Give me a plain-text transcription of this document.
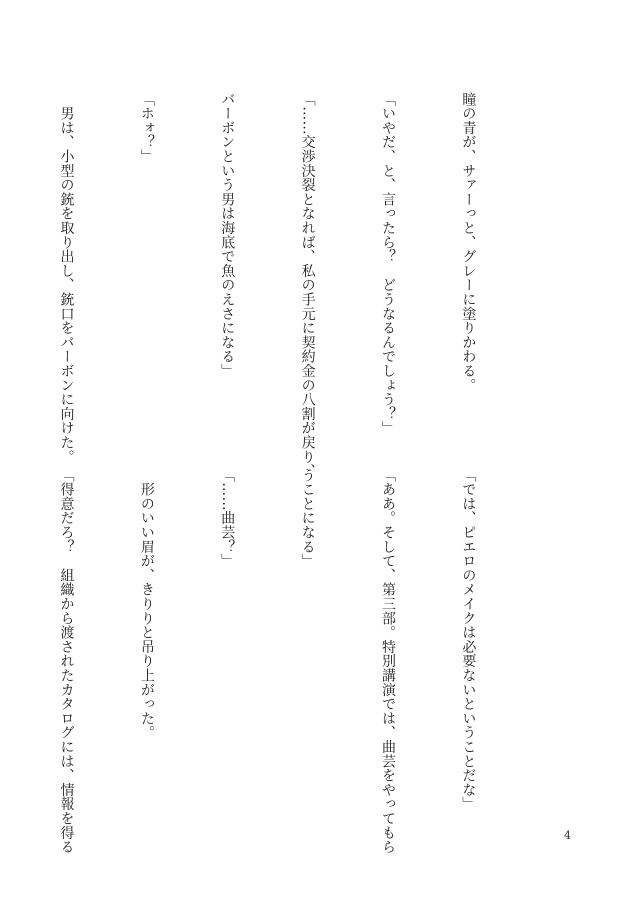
瞳の青が、サァーっと、グレーに塗りかわる。

「いやだ、と、言ったら？　どうなるんでしょう？」

「……交渉決裂となれば、私の手元に契約金の八割が戻り、

バーボンという男は海底で魚のえさになる」

「ホォ？」

　男は、小型の銃を取り出し、銃口をバーボンに向けた。

「では、ピエロのメイクは必要ないということだな」

「ああ。そして、第三部。特別講演では、曲芸をやってもら

うことになる」

「……曲芸？」

　形のいい眉が、きりりと吊り上がった。

「得意だろ？　組織から渡されたカタログには、情報を得る

	4
